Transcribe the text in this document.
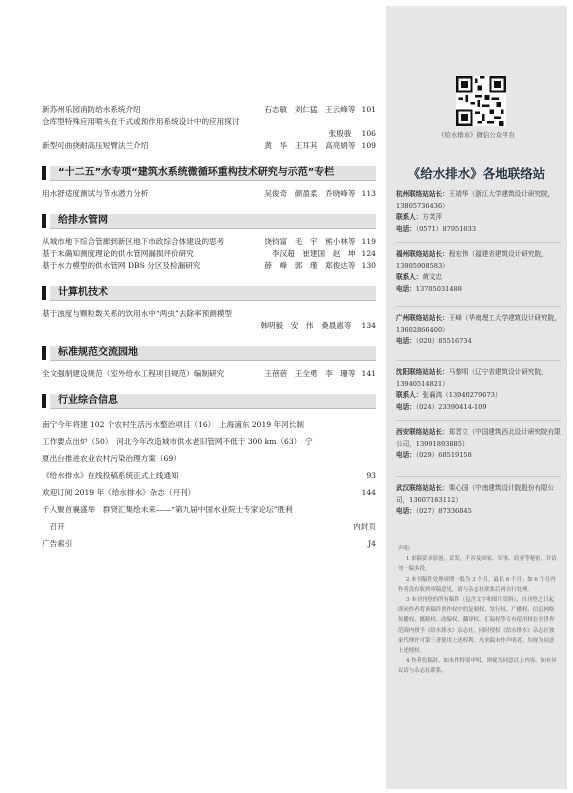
新苏州乐园消防给水系统介绍	石志敏　刘仁猛　王云峰等 101
仓库型特殊应用喷头在干式或预作用系统设计中的应用探讨
张殷骏 106
新型可曲挠耐高压短臂法兰介绍	黄　华　王耳其　高亮娟等 109
“十二五”水专项“建筑水系统微循环重构技术研究与示范”专栏
用水舒适度测试与节水潜力分析	吴俊奇　颜盈柔　乔晓峰等 113
给排水管网
从城市地下综合管廊到新区地下市政综合体建设的思考	饶钧富　毛　宇　熊小林等 119
基于未确知测度理论的供水管网漏损评价研究	李汉超　崔建国　赵　坤 124
基于水力模型的供水管网 DBS 分区及检漏研究	薛　峰　郭　瑾　郑俊达等 130
计算机技术
基于浊度与颗粒数关系的饮用水中“两虫”去除率预测模型
韩明毅　安　伟　桑晨惠等 134
标准规范交流园地
全文强制建设规范（室外给水工程项目规范）编制研究	王蓓蓓　王全勇　李　珊等 141
行业综合信息
南宁今年将建 102 个农村生活污水整治项目（16）　上海浦东 2019 年河长制
工作要点出炉（50）　河北今年改造城市供水老旧管网不低于 300 km（63）　宁
夏出台推进农业农村污染治理方案（69）
《给水排水》在线投稿系统正式上线通知	93
欢迎订阅 2019 年《给水排水》杂志（月刊）	144
千人聚首襄盛举　群贤汇集绘未来——“第九届中国水业院士专家论坛”胜利
　召开	内封页
广告索引	J4
《给水排水》微信公众平台
《给水排水》各地联络站
杭州联络站站长：王靖华（浙江大学建筑设计研究院，13805736436）
联系人：方芙萍
电话：（0571）87951033
福州联络站站长：程宏伟（福建省建筑设计研究院，13905908583）
联系人：黄文忠
电话：13705031488
广州联络站站长：王峰（华南理工大学建筑设计研究院，13602866400）
电话：（020）85516734
沈阳联络站站长：马黎明（辽宁省建筑设计研究院，13940514821）
联系人：张襄鸿（13940279673）
电话：（024）23390414-109
西安联络站站长：郑晋立（中国建筑西北设计研究院有限公司，13991893885）
电话：（029）68519158
武汉联络站站长：栗心国（中南建筑设计院股份有限公司，13607163112）
电话：（027）87336845
声明：

1 来稿要求原创，首发，不涉及国家、军事、商业等秘密，并请勿一稿多投。

2 本刊稿件处理周期一般为 3 个月，最长 6 个月；如 6 个月内作者没有收到审稿意见，请与杂志社联系后再自行处理。

3 本刊刊登的所有稿件（包含文字和图片资料），自刊登之日起即同作者将该稿件著作权中的复制权、发行权、广播权、信息网络传播权、摄制权、改编权、翻译权、汇编权等专有使用权在全世界范围内授予《给水排水》杂志社。同时授权《给水排水》杂志社独家代理许可第三者使用上述权利。凡来稿未作声明者，均视为同意上述授权。

4 作者投稿时，如未作特别申明，则视为同意以上内容。如有异议请与杂志社联系。
